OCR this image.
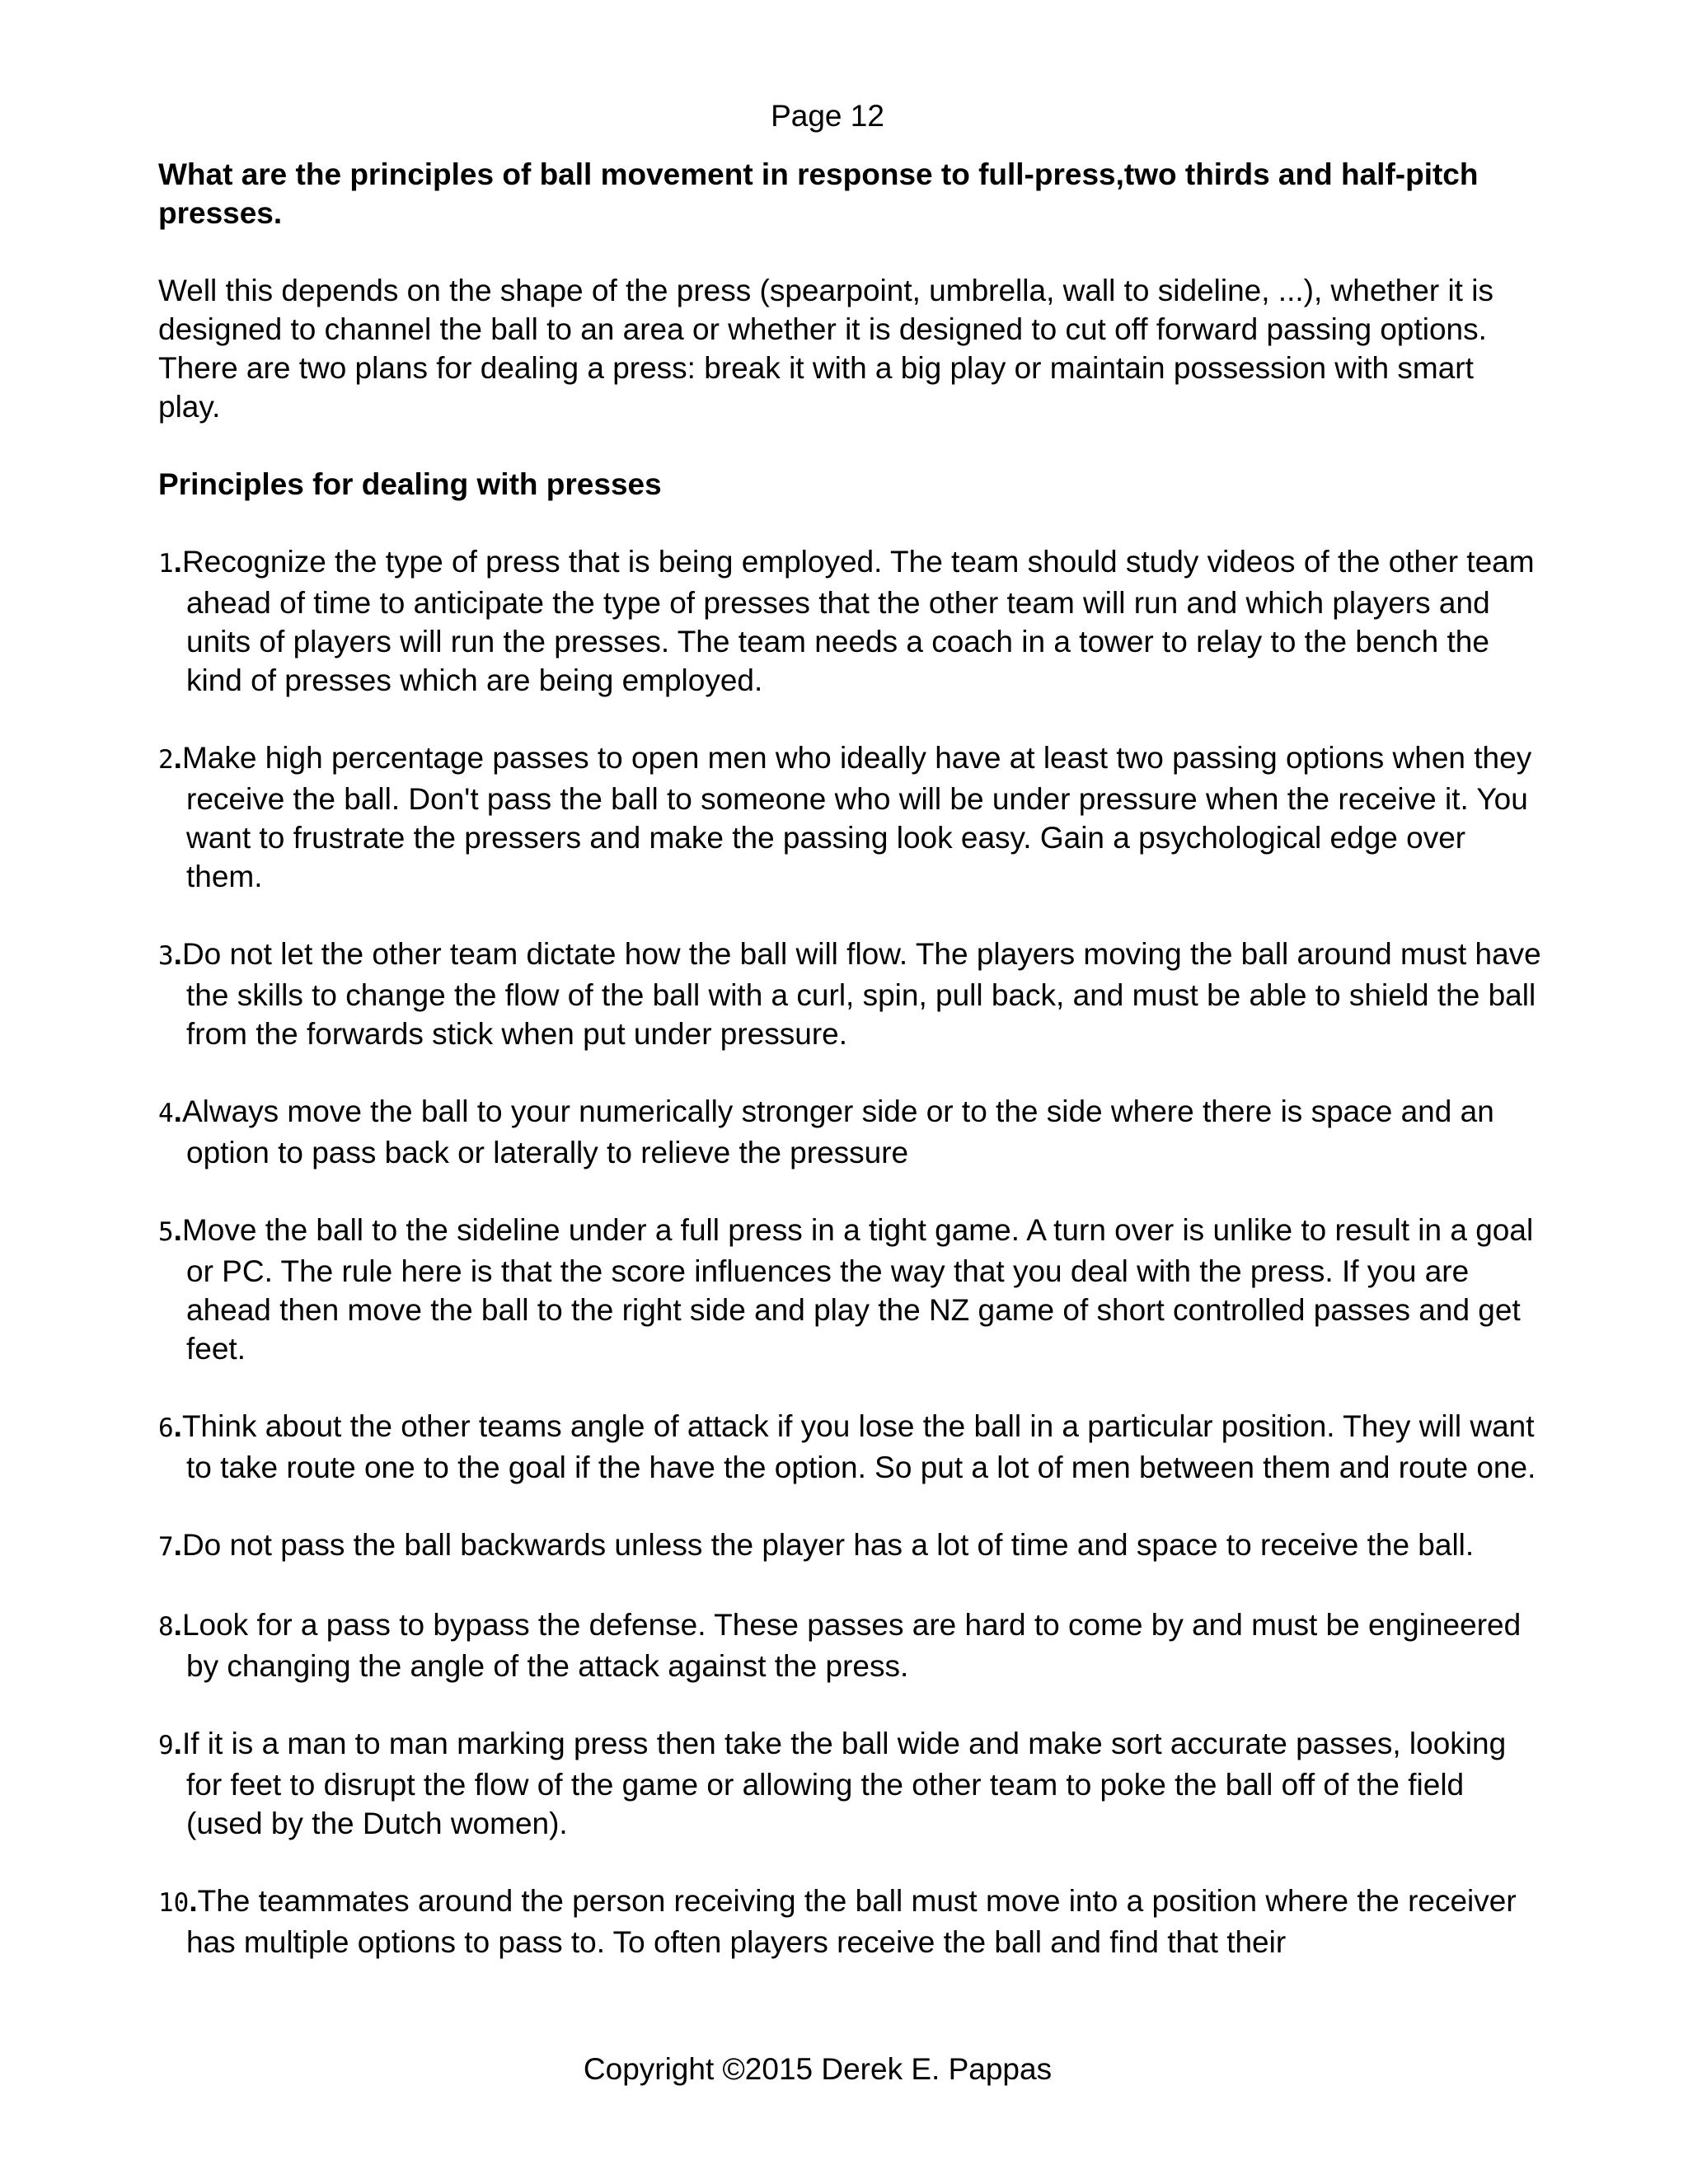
Page 12
What are the principles of ball movement in response to full-press,two thirds and half-pitch presses.
Well this depends on the shape of the press (spearpoint, umbrella, wall to sideline, ...), whether it is designed to channel the ball to an area or whether it is designed to cut off forward passing options. There are two plans for dealing a press: break it with a big play or maintain possession with smart play.
Principles for dealing with presses
1.Recognize the type of press that is being employed. The team should study videos of the other team ahead of time to anticipate the type of presses that the other team will run and which players and units of players will run the presses. The team needs a coach in a tower to relay to the bench the kind of presses which are being employed.
2.Make high percentage passes to open men who ideally have at least two passing options when they receive the ball. Don't pass the ball to someone who will be under pressure when the receive it. You want to frustrate the pressers and make the passing look easy. Gain a psychological edge over them.
3.Do not let the other team dictate how the ball will flow. The players moving the ball around must have the skills to change the flow of the ball with a curl, spin, pull back, and must be able to shield the ball from the forwards stick when put under pressure.
4.Always move the ball to your numerically stronger side or to the side where there is space and an option to pass back or laterally to relieve the pressure
5.Move the ball to the sideline under a full press in a tight game. A turn over is unlike to result in a goal or PC. The rule here is that the score influences the way that you deal with the press. If you are ahead then move the ball to the right side and play the NZ game of short controlled passes and get feet.
6.Think about the other teams angle of attack if you lose the ball in a particular position. They will want to take route one to the goal if the have the option. So put a lot of men between them and route one.
7.Do not pass the ball backwards unless the player has a lot of time and space to receive the ball.
8.Look for a pass to bypass the defense. These passes are hard to come by and must be engineered by changing the angle of the attack against the press.
9.If it is a man to man marking press then take the ball wide and make sort accurate passes, looking for feet to disrupt the flow of the game or allowing the other team to poke the ball off of the field (used by the Dutch women).
10.The teammates around the person receiving the ball must move into a position where the receiver has multiple options to pass to. To often players receive the ball and find that their
Copyright ©2015 Derek E. Pappas
